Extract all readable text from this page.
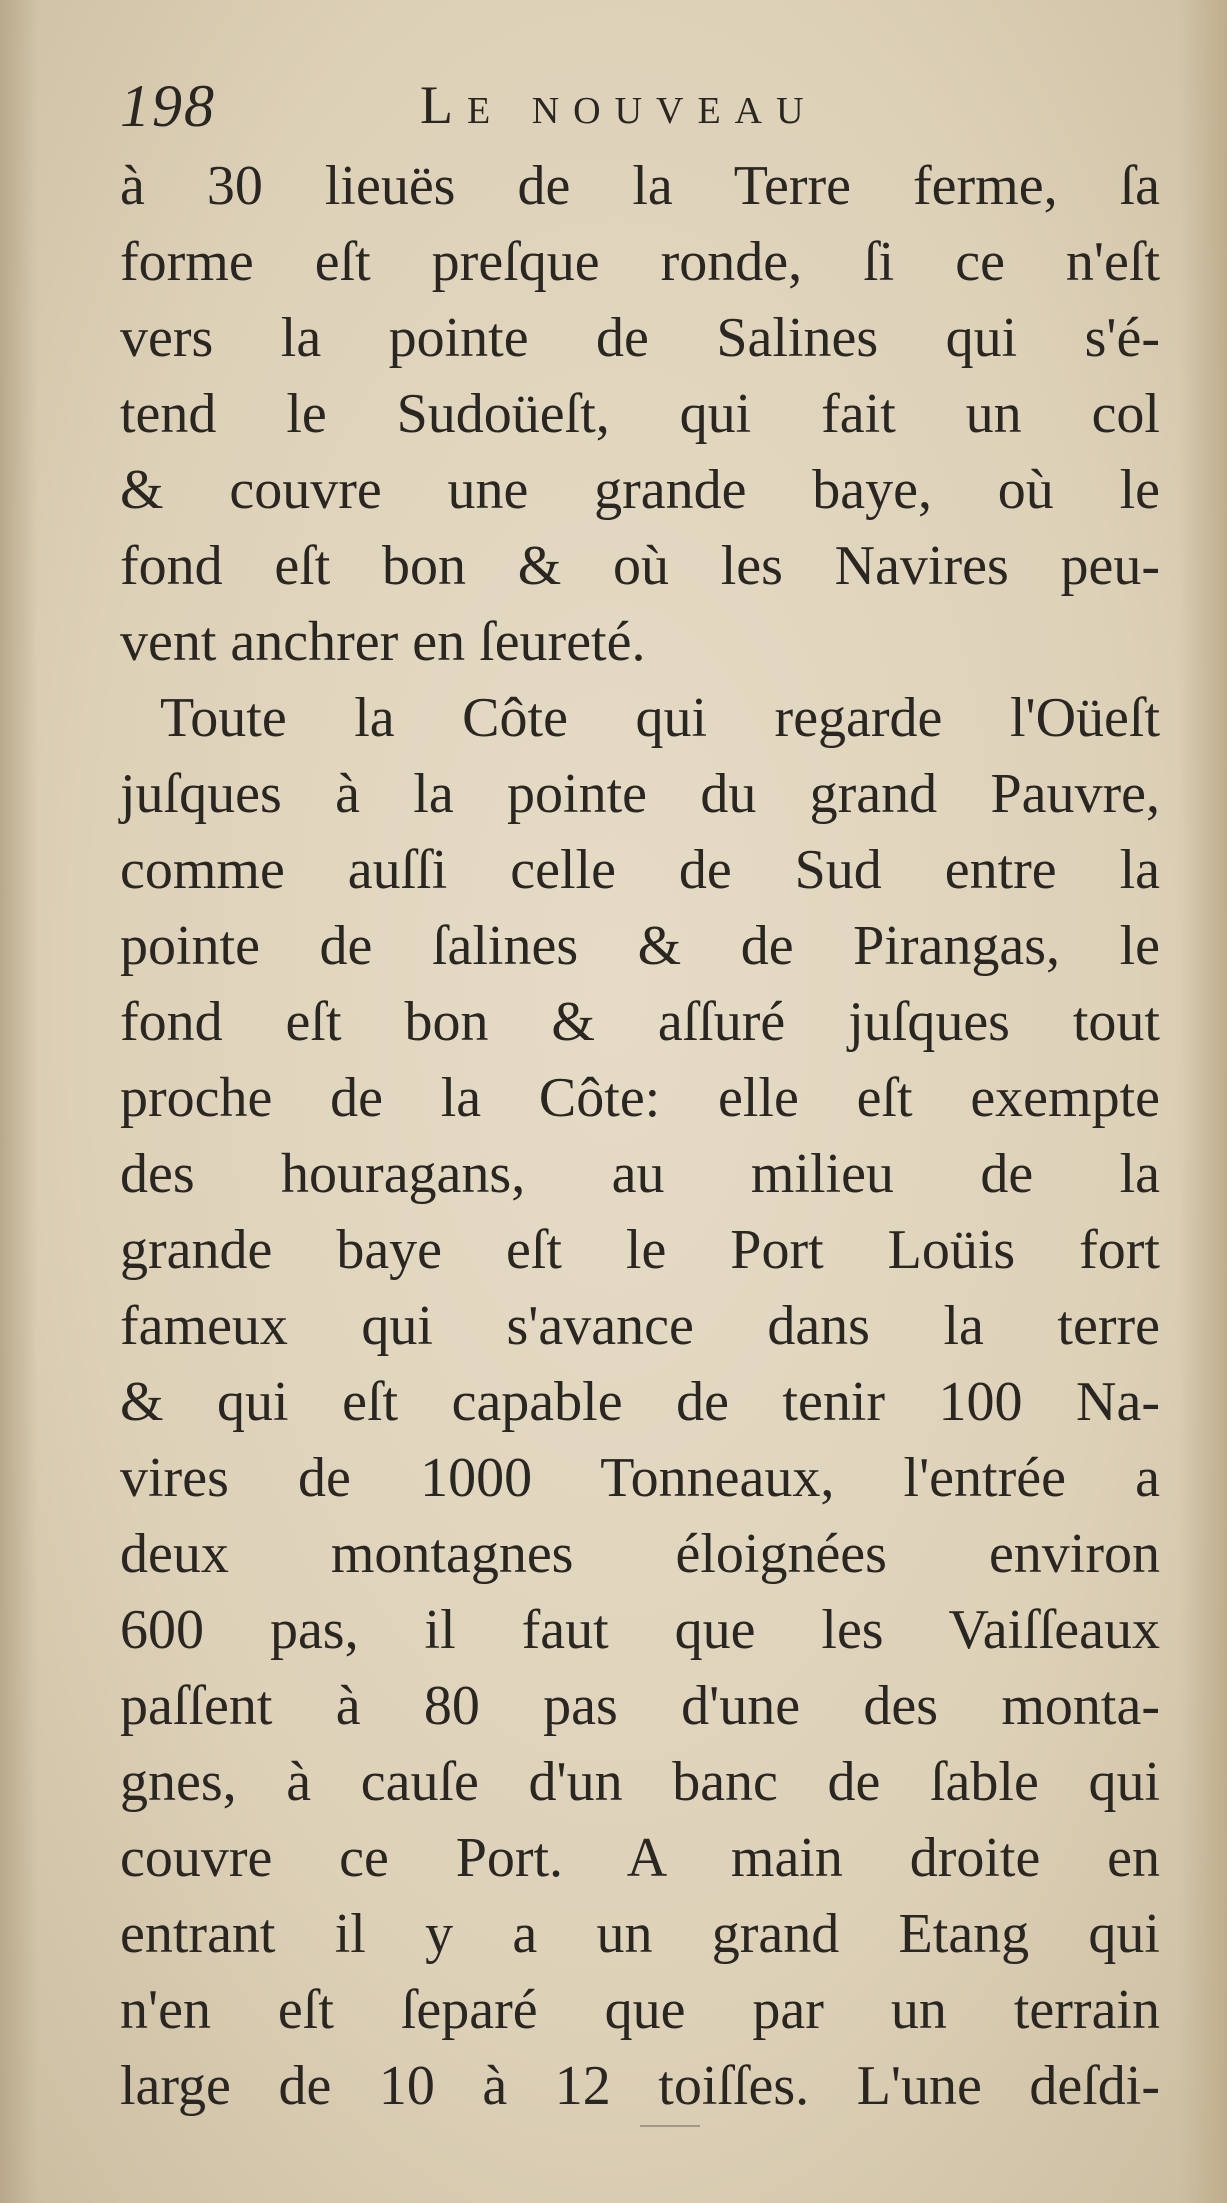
198	Le nouveau
à 30 lieuës de la Terre ferme, ſa
forme eſt preſque ronde, ſi ce n'eſt
vers la pointe de Salines qui s'é-
tend le Sudoüeſt, qui fait un col
& couvre une grande baye, où le
fond eſt bon & où les Navires peu-
vent anchrer en ſeureté.
Toute la Côte qui regarde l'Oüeſt
juſques à la pointe du grand Pauvre,
comme auſſi celle de Sud entre la
pointe de ſalines & de Pirangas, le
fond eſt bon & aſſuré juſques tout
proche de la Côte: elle eſt exempte
des houragans, au milieu de la
grande baye eſt le Port Loüis fort
fameux qui s'avance dans la terre
& qui eſt capable de tenir 100 Na-
vires de 1000 Tonneaux, l'entrée a
deux montagnes éloignées environ
600 pas, il faut que les Vaiſſeaux
paſſent à 80 pas d'une des monta-
gnes, à cauſe d'un banc de ſable qui
couvre ce Port. A main droite en
entrant il y a un grand Etang qui
n'en eſt ſeparé que par un terrain
large de 10 à 12 toiſſes. L'une deſdi-
